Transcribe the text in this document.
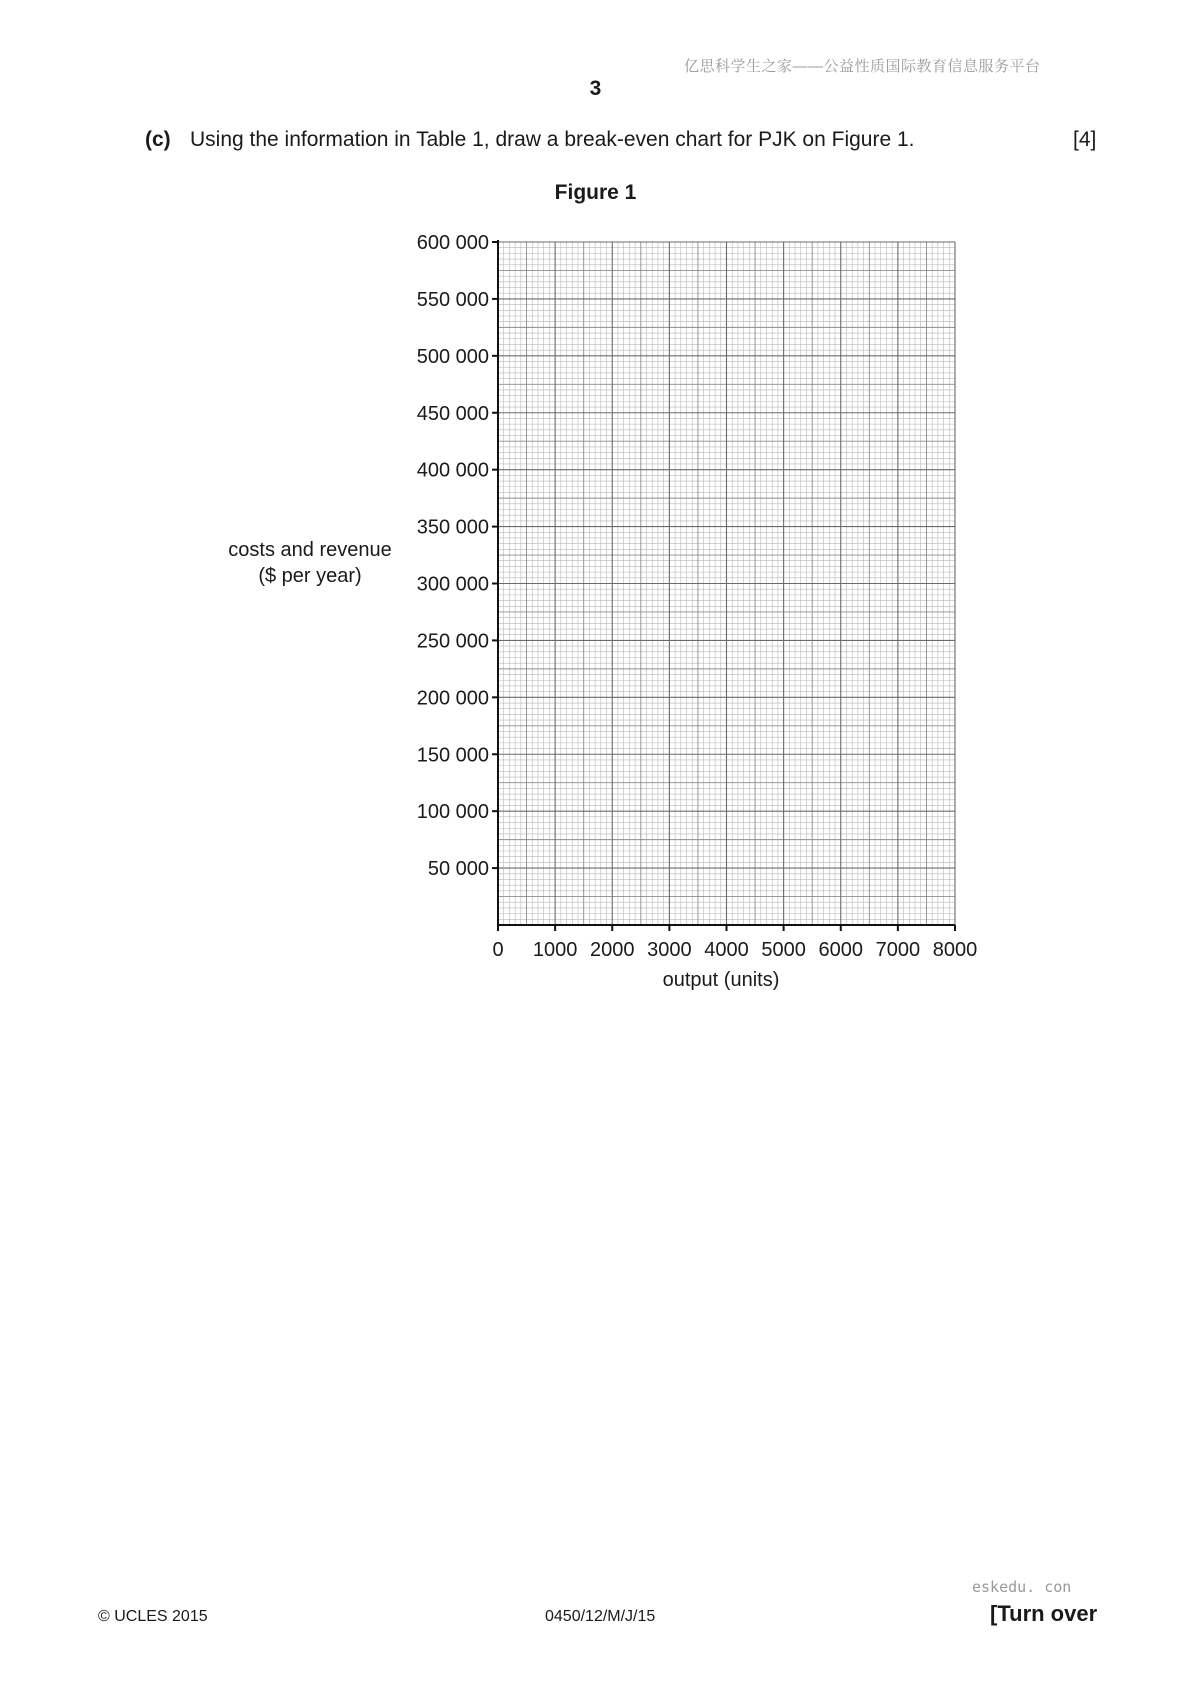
亿思科学生之家——公益性质国际教育信息服务平台
3
(c) Using the information in Table 1, draw a break-even chart for PJK on Figure 1.	[4]
Figure 1
costs and revenue
($ per year)
0 1000 2000 3000 4000 5000 6000 7000 8000
50 000
100 000
150 000
200 000
250 000
300 000
350 000
400 000
450 000
500 000
550 000
600 000
output (units)
eskedu. con
© UCLES 2015	0450/12/M/J/15	[Turn over
